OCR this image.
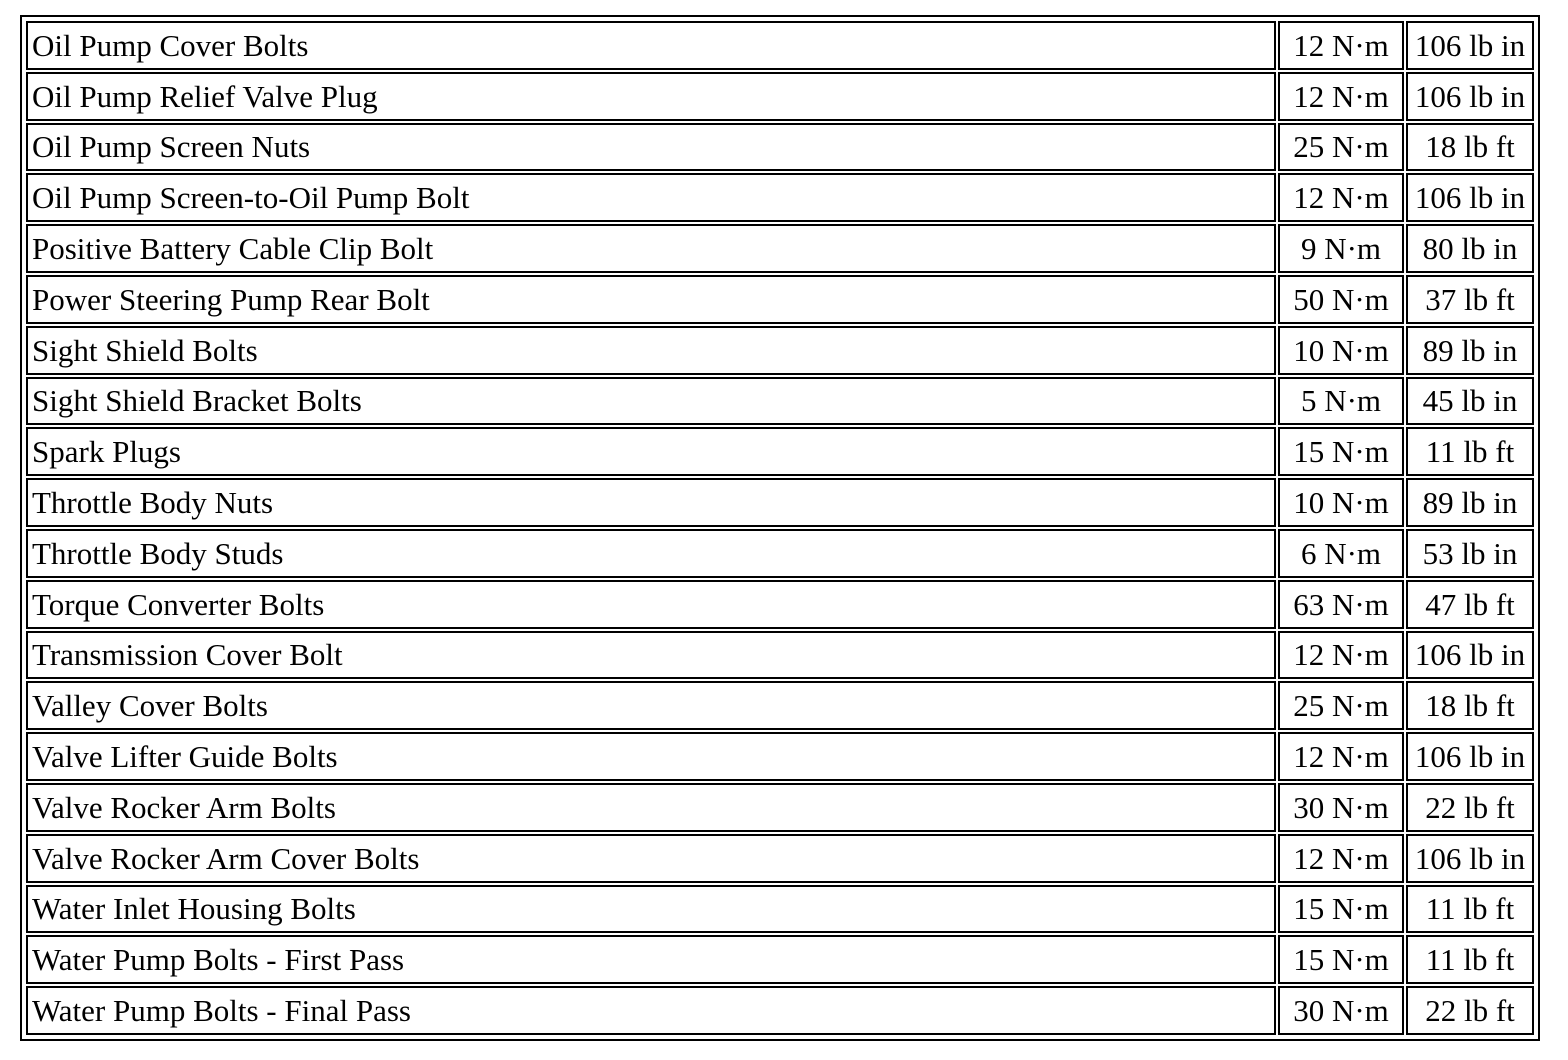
Oil Pump Cover Bolts	12 N·m	106 lb in
Oil Pump Relief Valve Plug	12 N·m	106 lb in
Oil Pump Screen Nuts	25 N·m	18 lb ft
Oil Pump Screen-to-Oil Pump Bolt	12 N·m	106 lb in
Positive Battery Cable Clip Bolt	9 N·m	80 lb in
Power Steering Pump Rear Bolt	50 N·m	37 lb ft
Sight Shield Bolts	10 N·m	89 lb in
Sight Shield Bracket Bolts	5 N·m	45 lb in
Spark Plugs	15 N·m	11 lb ft
Throttle Body Nuts	10 N·m	89 lb in
Throttle Body Studs	6 N·m	53 lb in
Torque Converter Bolts	63 N·m	47 lb ft
Transmission Cover Bolt	12 N·m	106 lb in
Valley Cover Bolts	25 N·m	18 lb ft
Valve Lifter Guide Bolts	12 N·m	106 lb in
Valve Rocker Arm Bolts	30 N·m	22 lb ft
Valve Rocker Arm Cover Bolts	12 N·m	106 lb in
Water Inlet Housing Bolts	15 N·m	11 lb ft
Water Pump Bolts - First Pass	15 N·m	11 lb ft
Water Pump Bolts - Final Pass	30 N·m	22 lb ft
